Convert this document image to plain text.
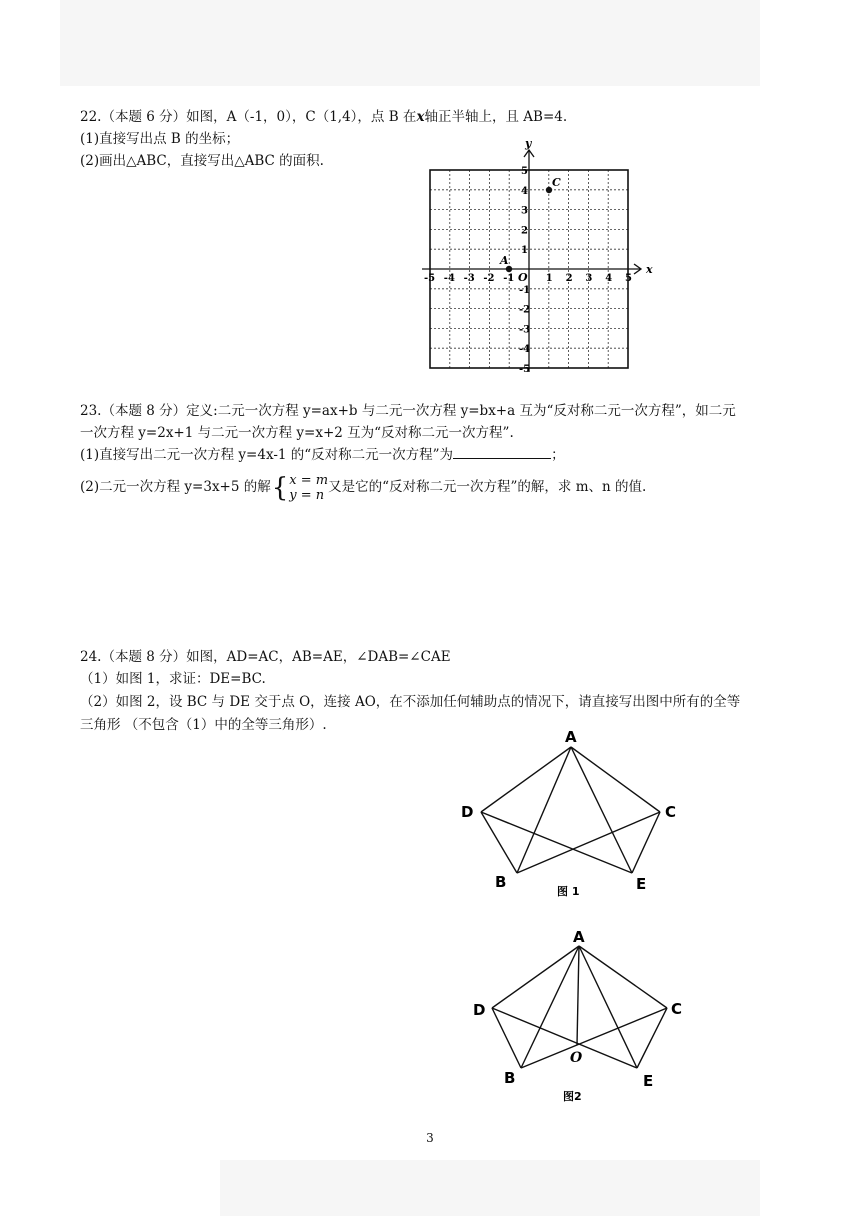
22.（本题 6 分）如图，A（-1，0），C（1,4），点 B 在x轴正半轴上，且 AB=4.
(1)直接写出点 B 的坐标；
(2)画出△ABC，直接写出△ABC 的面积.
x
y
O
-5 -4 -3 -2 -1	1 2 3 4 5
5
4
3
2
1
-1
-2
-3
-4
-5
A
C
23.（本题 8 分）定义:二元一次方程 y=ax+b 与二元一次方程 y=bx+a 互为“反对称二元一次方程”，如二元
一次方程 y=2x+1 与二元一次方程 y=x+2 互为“反对称二元一次方程”.
(1)直接写出二元一次方程 y=4x-1 的“反对称二元一次方程”为	；
(2)二元一次方程 y=3x+5 的解{x = m
y = n 又是它的“反对称二元一次方程”的解，求 m、n 的值.
24.（本题 8 分）如图，AD=AC，AB=AE，∠DAB=∠CAE
（1）如图 1，求证：DE=BC.
（2）如图 2，设 BC 与 DE 交于点 O，连接 AO，在不添加任何辅助点的情况下，请直接写出图中所有的全等
三角形 （不包含（1）中的全等三角形）.
A
D	C
B	E
图 1
A
D	C
B	E
O
图2
3
